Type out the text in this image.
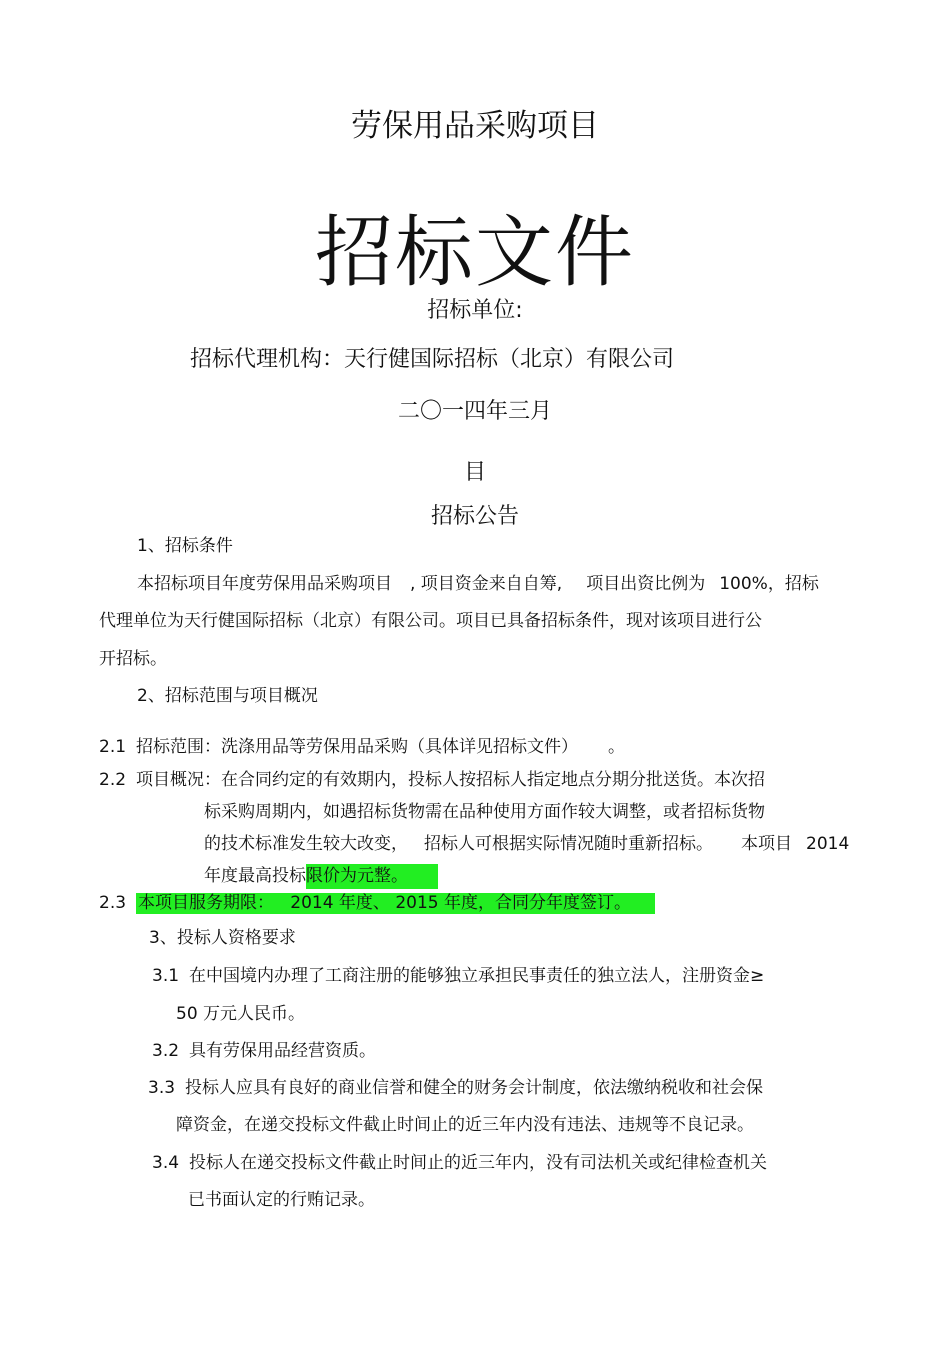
劳保用品采购项目
招标文件
招标单位:
招标代理机构：天行健国际招标（北京）有限公司
二〇一四年三月
目
招标公告
1、招标条件
本招标项目年度劳保用品采购项目 , 项目资金来自自筹, 项目出资比例为 100%，招标
代理单位为天行健国际招标（北京）有限公司。项目已具备招标条件，现对该项目进行公
开招标。
2、招标范围与项目概况
2.1 招标范围：洗涤用品等劳保用品采购（具体详见招标文件） 。
2.2 项目概况：在合同约定的有效期内，投标人按招标人指定地点分期分批送货。本次招
标采购周期内，如遇招标货物需在品种使用方面作较大调整，或者招标货物
的技术标准发生较大改变， 招标人可根据实际情况随时重新招标。 本项目 2014
年度最高投标限价为元整。
2.3 本项目服务期限：   2014 年度、 2015 年度，合同分年度签订。
3、投标人资格要求
3.1 在中国境内办理了工商注册的能够独立承担民事责任的独立法人，注册资金≥
50 万元人民币。
3.2 具有劳保用品经营资质。
3.3 投标人应具有良好的商业信誉和健全的财务会计制度，依法缴纳税收和社会保
障资金，在递交投标文件截止时间止的近三年内没有违法、违规等不良记录。
3.4 投标人在递交投标文件截止时间止的近三年内，没有司法机关或纪律检查机关
已书面认定的行贿记录。
